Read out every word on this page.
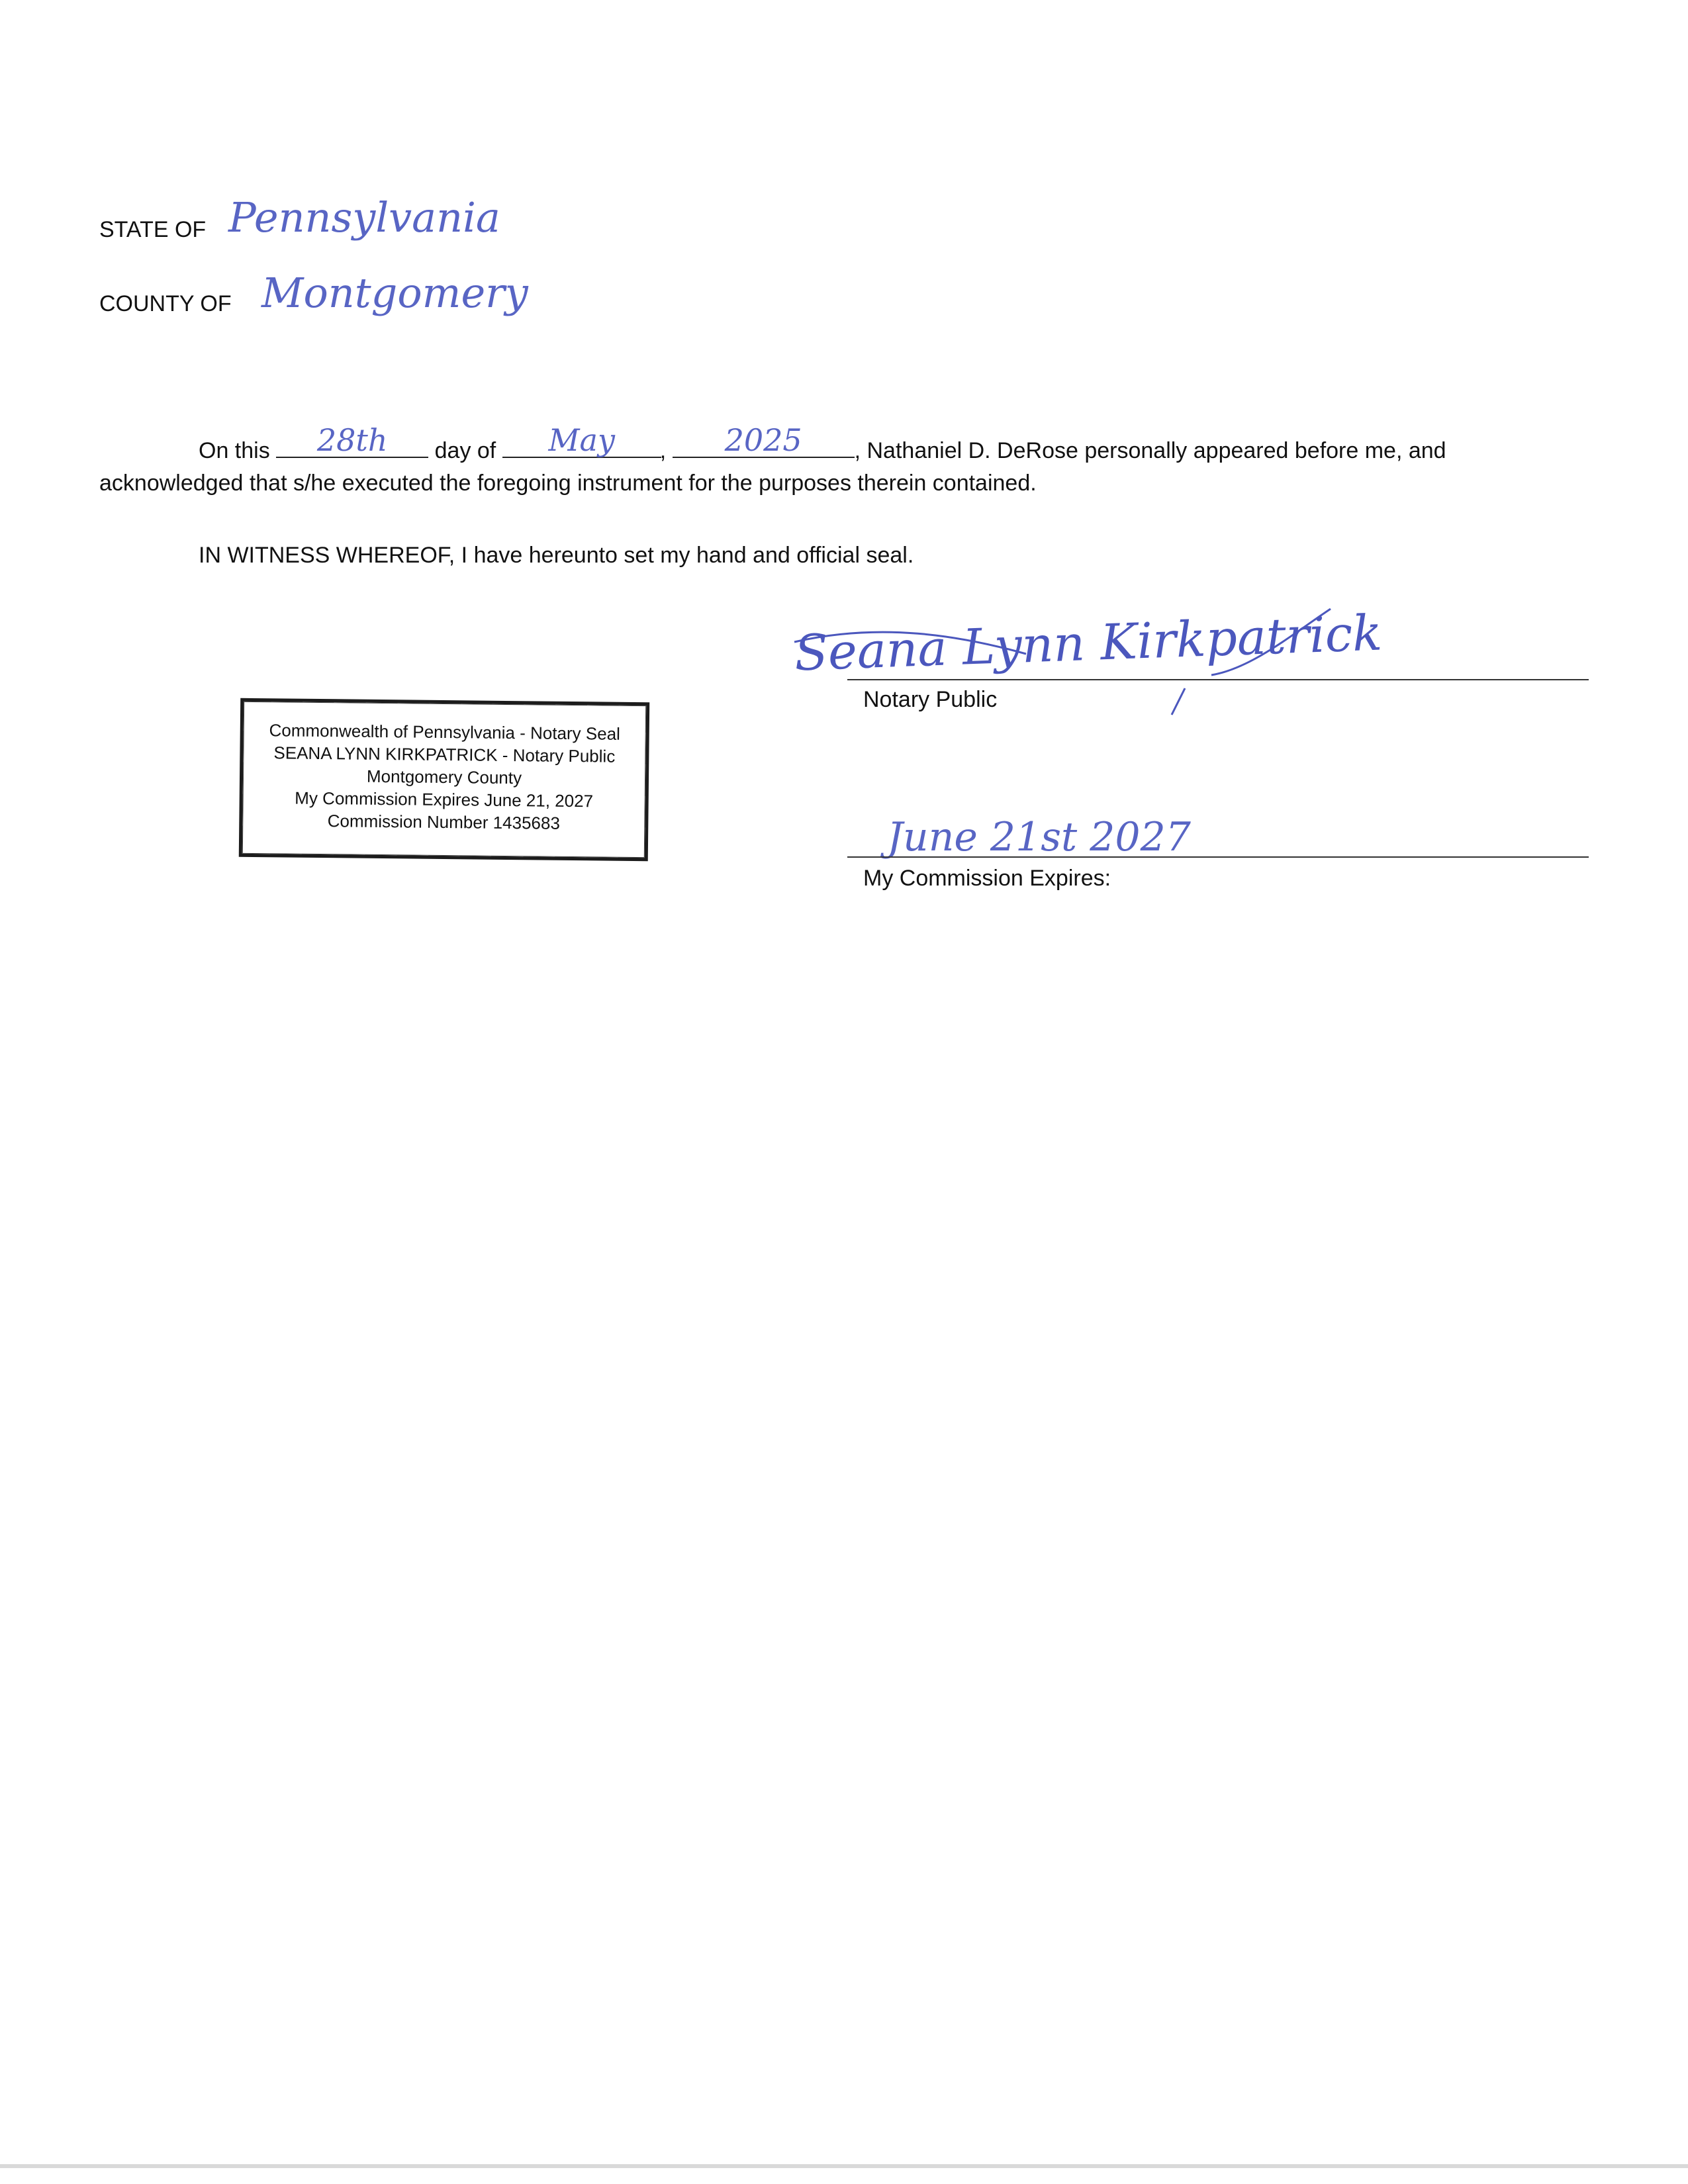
STATE OF Pennsylvania
COUNTY OF Montgomery
On this	28th	day of	May	,	2025	, Nathaniel D. DeRose personally appeared before me, and
acknowledged that s/he executed the foregoing instrument for the purposes therein contained.
IN WITNESS WHEREOF, I have hereunto set my hand and official seal.
Commonwealth of Pennsylvania - Notary Seal
SEANA LYNN KIRKPATRICK - Notary Public
Montgomery County
My Commission Expires June 21, 2027
Commission Number 1435683
Seana Lynn Kirkpatrick
Notary Public
June 21st 2027
My Commission Expires:
